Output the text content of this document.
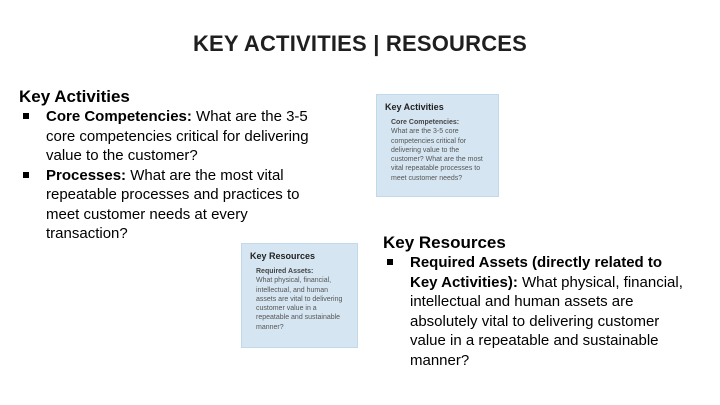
KEY ACTIVITIES | RESOURCES
Key Activities
Core Competencies: What are the 3-5 core competencies critical for delivering value to the customer?
Processes: What are the most vital repeatable processes and practices to meet customer needs at every transaction?
Key Activities
Core Competencies:
What are the 3-5 core competencies critical for delivering value to the customer? What are the most vital repeatable processes to meet customer needs?
Key Resources
Required Assets:
What physical, financial, intellectual, and human assets are vital to delivering customer value in a repeatable and sustainable manner?
Key Resources
Required Assets (directly related to Key Activities): What physical, financial, intellectual and human assets are absolutely vital to delivering customer value in a repeatable and sustainable manner?
